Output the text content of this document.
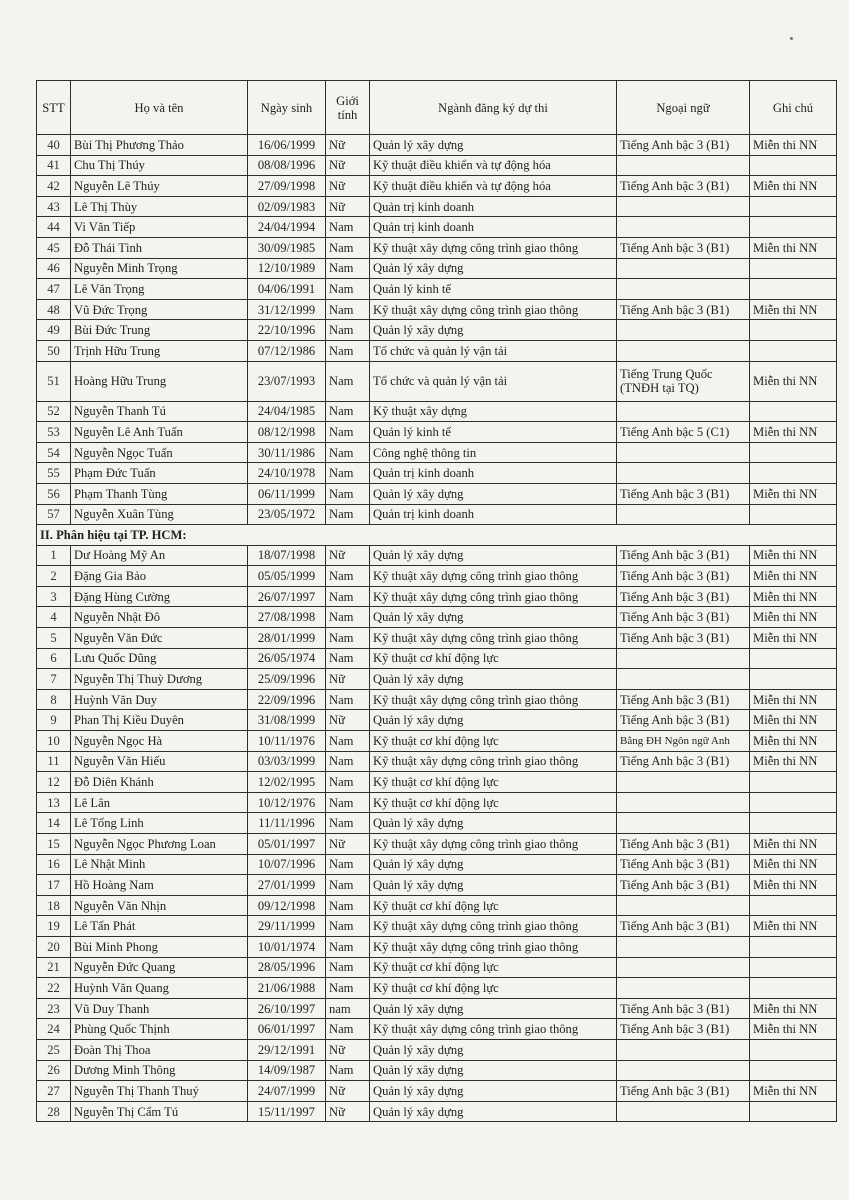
STT	Họ và tên	Ngày sinh	Giới tính	Ngành đăng ký dự thi	Ngoại ngữ	Ghi chú
40	Bùi Thị Phương Thảo	16/06/1999	Nữ	Quản lý xây dựng	Tiếng Anh bậc 3 (B1)	Miễn thi NN
41	Chu Thị Thúy	08/08/1996	Nữ	Kỹ thuật điều khiển và tự động hóa		
42	Nguyễn Lê Thúy	27/09/1998	Nữ	Kỹ thuật điều khiển và tự động hóa	Tiếng Anh bậc 3 (B1)	Miễn thi NN
43	Lê Thị Thùy	02/09/1983	Nữ	Quản trị kinh doanh		
44	Vi Văn Tiếp	24/04/1994	Nam	Quản trị kinh doanh		
45	Đỗ Thái Tình	30/09/1985	Nam	Kỹ thuật xây dựng công trình giao thông	Tiếng Anh bậc 3 (B1)	Miễn thi NN
46	Nguyễn Minh Trọng	12/10/1989	Nam	Quản lý xây dựng		
47	Lê Văn Trọng	04/06/1991	Nam	Quản lý kinh tế		
48	Vũ Đức Trọng	31/12/1999	Nam	Kỹ thuật xây dựng công trình giao thông	Tiếng Anh bậc 3 (B1)	Miễn thi NN
49	Bùi Đức Trung	22/10/1996	Nam	Quản lý xây dựng		
50	Trịnh Hữu Trung	07/12/1986	Nam	Tổ chức và quản lý vận tải		
51	Hoàng Hữu Trung	23/07/1993	Nam	Tổ chức và quản lý vận tải	Tiếng Trung Quốc (TNĐH tại TQ)	Miễn thi NN
52	Nguyễn Thanh Tú	24/04/1985	Nam	Kỹ thuật xây dựng		
53	Nguyễn Lê Anh Tuấn	08/12/1998	Nam	Quản lý kinh tế	Tiếng Anh bậc 5 (C1)	Miễn thi NN
54	Nguyễn Ngọc Tuấn	30/11/1986	Nam	Công nghệ thông tin		
55	Phạm Đức Tuấn	24/10/1978	Nam	Quản trị kinh doanh		
56	Phạm Thanh Tùng	06/11/1999	Nam	Quản lý xây dựng	Tiếng Anh bậc 3 (B1)	Miễn thi NN
57	Nguyễn Xuân Tùng	23/05/1972	Nam	Quản trị kinh doanh		
II. Phân hiệu tại TP. HCM:						
1	Dư Hoàng Mỹ An	18/07/1998	Nữ	Quản lý xây dựng	Tiếng Anh bậc 3 (B1)	Miễn thi NN
2	Đặng Gia Bảo	05/05/1999	Nam	Kỹ thuật xây dựng công trình giao thông	Tiếng Anh bậc 3 (B1)	Miễn thi NN
3	Đặng Hùng Cường	26/07/1997	Nam	Kỹ thuật xây dựng công trình giao thông	Tiếng Anh bậc 3 (B1)	Miễn thi NN
4	Nguyễn Nhật Đô	27/08/1998	Nam	Quản lý xây dựng	Tiếng Anh bậc 3 (B1)	Miễn thi NN
5	Nguyễn Văn Đức	28/01/1999	Nam	Kỹ thuật xây dựng công trình giao thông	Tiếng Anh bậc 3 (B1)	Miễn thi NN
6	Lưu Quốc Dũng	26/05/1974	Nam	Kỹ thuật cơ khí động lực		
7	Nguyễn Thị Thuỳ Dương	25/09/1996	Nữ	Quản lý xây dựng		
8	Huỳnh Văn Duy	22/09/1996	Nam	Kỹ thuật xây dựng công trình giao thông	Tiếng Anh bậc 3 (B1)	Miễn thi NN
9	Phan Thị Kiều Duyên	31/08/1999	Nữ	Quản lý xây dựng	Tiếng Anh bậc 3 (B1)	Miễn thi NN
10	Nguyễn Ngọc Hà	10/11/1976	Nam	Kỹ thuật cơ khí động lực	Bằng ĐH Ngôn ngữ Anh	Miễn thi NN
11	Nguyễn Văn Hiếu	03/03/1999	Nam	Kỹ thuật xây dựng công trình giao thông	Tiếng Anh bậc 3 (B1)	Miễn thi NN
12	Đỗ Diên Khánh	12/02/1995	Nam	Kỹ thuật cơ khí động lực		
13	Lê Lân	10/12/1976	Nam	Kỹ thuật cơ khí động lực		
14	Lê Tống Linh	11/11/1996	Nam	Quản lý xây dựng		
15	Nguyễn Ngọc Phương Loan	05/01/1997	Nữ	Kỹ thuật xây dựng công trình giao thông	Tiếng Anh bậc 3 (B1)	Miễn thi NN
16	Lê Nhật Minh	10/07/1996	Nam	Quản lý xây dựng	Tiếng Anh bậc 3 (B1)	Miễn thi NN
17	Hồ Hoàng Nam	27/01/1999	Nam	Quản lý xây dựng	Tiếng Anh bậc 3 (B1)	Miễn thi NN
18	Nguyễn Văn Nhịn	09/12/1998	Nam	Kỹ thuật cơ khí động lực		
19	Lê Tấn Phát	29/11/1999	Nam	Kỹ thuật xây dựng công trình giao thông	Tiếng Anh bậc 3 (B1)	Miễn thi NN
20	Bùi Minh Phong	10/01/1974	Nam	Kỹ thuật xây dựng công trình giao thông		
21	Nguyễn Đức Quang	28/05/1996	Nam	Kỹ thuật cơ khí động lực		
22	Huỳnh Văn Quang	21/06/1988	Nam	Kỹ thuật cơ khí động lực		
23	Vũ Duy Thanh	26/10/1997	nam	Quản lý xây dựng	Tiếng Anh bậc 3 (B1)	Miễn thi NN
24	Phùng Quốc Thịnh	06/01/1997	Nam	Kỹ thuật xây dựng công trình giao thông	Tiếng Anh bậc 3 (B1)	Miễn thi NN
25	Đoàn Thị Thoa	29/12/1991	Nữ	Quản lý xây dựng		
26	Dương Minh Thông	14/09/1987	Nam	Quản lý xây dựng		
27	Nguyễn Thị Thanh Thuý	24/07/1999	Nữ	Quản lý xây dựng	Tiếng Anh bậc 3 (B1)	Miễn thi NN
28	Nguyễn Thị Cẩm Tú	15/11/1997	Nữ	Quản lý xây dựng		
